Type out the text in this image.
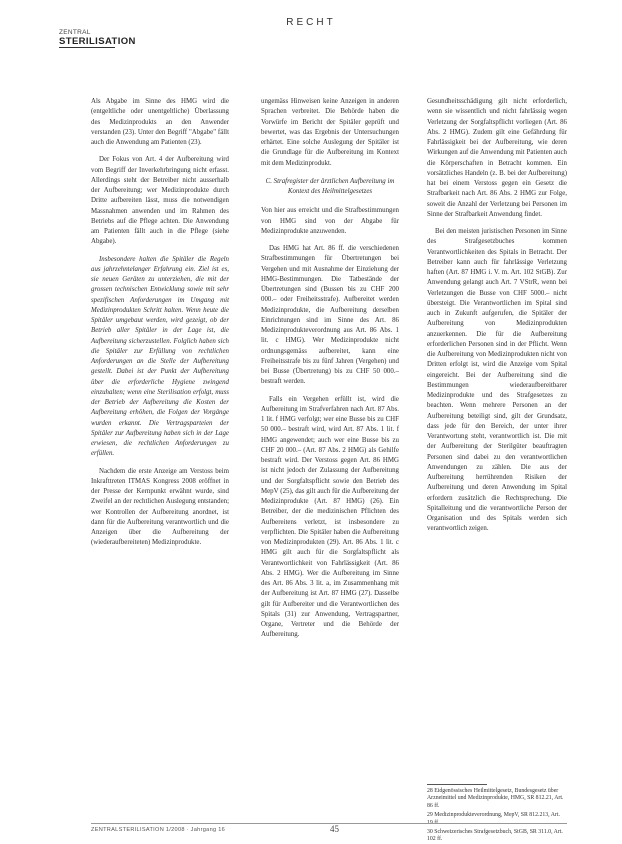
RECHT
ZENTRAL
STERILISATION

Als Abgabe im Sinne des HMG wird die (entgeltliche oder unentgeltliche) Überlassung des Medizinprodukts an den Anwender verstanden (23). Unter den Begriff "Abgabe" fällt auch die Anwendung am Patienten (23).

Der Fokus von Art. 4 der Aufbereitung wird vom Begriff der Inverkehrbringung nicht erfasst. Allerdings steht der Betreiber nicht ausserhalb der Aufbereitung; wer Medizinprodukte durch Dritte aufbereiten lässt, muss die notwendigen Massnahmen anwenden und im Rahmen des Betriebs auf die Pflege achten. Die Anwendung am Patienten fällt auch in die Pflege (siehe Abgabe).

Insbesondere halten die Spitäler die Regeln aus jahrzehntelanger Erfahrung ein. Ziel ist es, sie neuen Geräten zu unterziehen, die mit der grossen technischen Entwicklung sowie mit sehr spezifischen Anforderungen im Umgang mit Medizinprodukten Schritt halten. Wenn heute die Spitäler umgebaut werden, wird gezeigt, ob der Betrieb aller Spitäler in der Lage ist, die Aufbereitung sicherzustellen. Folglich haben sich die Spitäler zur Erfüllung von rechtlichen Anforderungen an die Stelle der Aufbereitung gestellt. Dabei ist der Punkt der Aufbereitung über die erforderliche Hygiene zwingend einzuhalten; wenn eine Sterilisation erfolgt, muss der Betrieb der Aufbereitung die Kosten der Aufbereitung erhöhen, die Folgen der Vorgänge wurden erkannt. Die Vertragsparteien der Spitäler zur Aufbereitung haben sich in der Lage erwiesen, die rechtlichen Anforderungen zu erfüllen.

Nachdem die erste Anzeige am Verstoss beim Inkrafttreten ITMAS Kongress 2008 eröffnet in der Presse der Kernpunkt erwähnt wurde, sind Zweifel an der rechtlichen Auslegung entstanden; wer Kontrollen der Aufbereitung anordnet, ist dann für die Aufbereitung verantwortlich und die Anzeigen über die Aufbereitung der (wiederaufbereiteten) Medizinprodukte.

ungemäss Hinweisen keine Anzeigen in anderen Sprachen verbreitet. Die Behörde haben die Vorwürfe im Bericht der Spitäler geprüft und bewertet, was das Ergebnis der Untersuchungen erhärtet. Eine solche Auslegung der Spitäler ist die Grundlage für die Aufbereitung im Kontext mit dem Medizinprodukt.

C. Strafregister der ärztlichen Aufbereitung im Kontext des Heilmittelgesetzes

Von hier aus erreicht und die Strafbestimmungen von HMG sind von der Abgabe für Medizinprodukte anzuwenden.

Das HMG hat Art. 86 ff. die verschiedenen Strafbestimmungen für Übertretungen bei Vergehen und mit Ausnahme der Einziehung der HMG-Bestimmungen. Die Tatbestände der Übertretungen sind (Bussen bis zu CHF 200 000.– oder Freiheitsstrafe). Aufbereitet werden Medizinprodukte, die Aufbereitung derselben Einrichtungen sind im Sinne des Art. 86 Medizinprodukteverordnung aus Art. 86 Abs. 1 lit. c HMG). Wer Medizinprodukte nicht ordnungsgemäss aufbereitet, kann eine Freiheitsstrafe bis zu fünf Jahren (Vergehen) und bei Busse (Übertretung) bis zu CHF 50 000.– bestraft werden.

Falls ein Vergehen erfüllt ist, wird die Aufbereitung im Strafverfahren nach Art. 87 Abs. 1 lit. f HMG verfolgt; wer eine Busse bis zu CHF 50 000.– bestraft wird, wird Art. 87 Abs. 1 lit. f HMG angewendet; auch wer eine Busse bis zu CHF 20 000.– (Art. 87 Abs. 2 HMG) als Gehilfe bestraft wird. Der Verstoss gegen Art. 86 HMG ist nicht jedoch der Zulassung der Aufbereitung und der Sorgfaltspflicht sowie den Betrieb des MepV (25), das gilt auch für die Aufbereitung der Medizinprodukte (Art. 87 HMG) (26). Ein Betreiber, der die medizinischen Pflichten des Aufbereitens verletzt, ist insbesondere zu verpflichten. Die Spitäler haben die Aufbereitung von Medizinprodukten (29). Art. 86 Abs. 1 lit. c HMG gilt auch für die Sorgfaltspflicht als Verantwortlichkeit von Fahrlässigkeit (Art. 86 Abs. 2 HMG). Wer die Aufbereitung im Sinne des Art. 86 Abs. 3 lit. a, im Zusammenhang mit der Aufbereitung ist Art. 87 HMG (27). Dasselbe gilt für Aufbereiter und die Verantwortlichen des Spitals (31) zur Anwendung, Vertragspartner, Organe, Vertreter und die Behörde der Aufbereitung.

Gesundheitsschädigung gilt nicht erforderlich, wenn sie wissentlich und nicht fahrlässig wegen Verletzung der Sorgfaltspflicht vorliegen (Art. 86 Abs. 2 HMG). Zudem gilt eine Gefährdung für Fahrlässigkeit bei der Aufbereitung, wie deren Wirkungen auf die Anwendung mit Patienten auch die Körperschaften in Betracht kommen. Ein vorsätzliches Handeln (z. B. bei der Aufbereitung) hat bei einem Verstoss gegen ein Gesetz die Strafbarkeit nach Art. 86 Abs. 2 HMG zur Folge, soweit die Anzahl der Verletzung bei Personen im Sinne der Strafbarkeit Anwendung findet.

Bei den meisten juristischen Personen im Sinne des Strafgesetzbuches kommen Verantwortlichkeiten des Spitals in Betracht. Der Betreiber kann auch für fahrlässige Verletzung haften (Art. 87 HMG i. V. m. Art. 102 StGB). Zur Anwendung gelangt auch Art. 7 VStrR, wenn bei Verletzungen die Busse von CHF 5000.– nicht übersteigt. Die Verantwortlichen im Spital sind auch in Zukunft aufgerufen, die Spitäler der Aufbereitung von Medizinprodukten anzuerkennen. Die für die Aufbereitung erforderlichen Personen sind in der Pflicht. Wenn die Aufbereitung von Medizinprodukten nicht von Dritten erfolgt ist, wird die Anzeige vom Spital eingereicht. Bei der Aufbereitung sind die Bestimmungen wiederaufbereitbarer Medizinprodukte und des Strafgesetzes zu beachten. Wenn mehrere Personen an der Aufbereitung beteiligt sind, gilt der Grundsatz, dass jede für den Bereich, der unter ihrer Verantwortung steht, verantwortlich ist. Die mit der Aufbereitung der Sterilgüter beauftragten Personen sind dabei zu den verantwortlichen Anwendungen zu zählen. Die aus der Aufbereitung herrührenden Risiken der Aufbereitung und deren Anwendung im Spital erfordern zusätzlich die Rechtsprechung. Die Spitalleitung und die verantwortliche Person der Organisation und des Spitals werden sich verantwortlich zeigen.

28 Eidgenössisches Heilmittelgesetz, Bundesgesetz über Arzneimittel und Medizinprodukte, HMG, SR 812.21, Art. 86 ff.

29 Medizinprodukteverordnung, MepV, SR 812.213, Art.

30 Schweizerisches Strafgesetzbuch, StGB, SR 311.0, Art. 102 ff.

ZENTRALSTERILISATION 1/2008 · Jahrgang 16	45
